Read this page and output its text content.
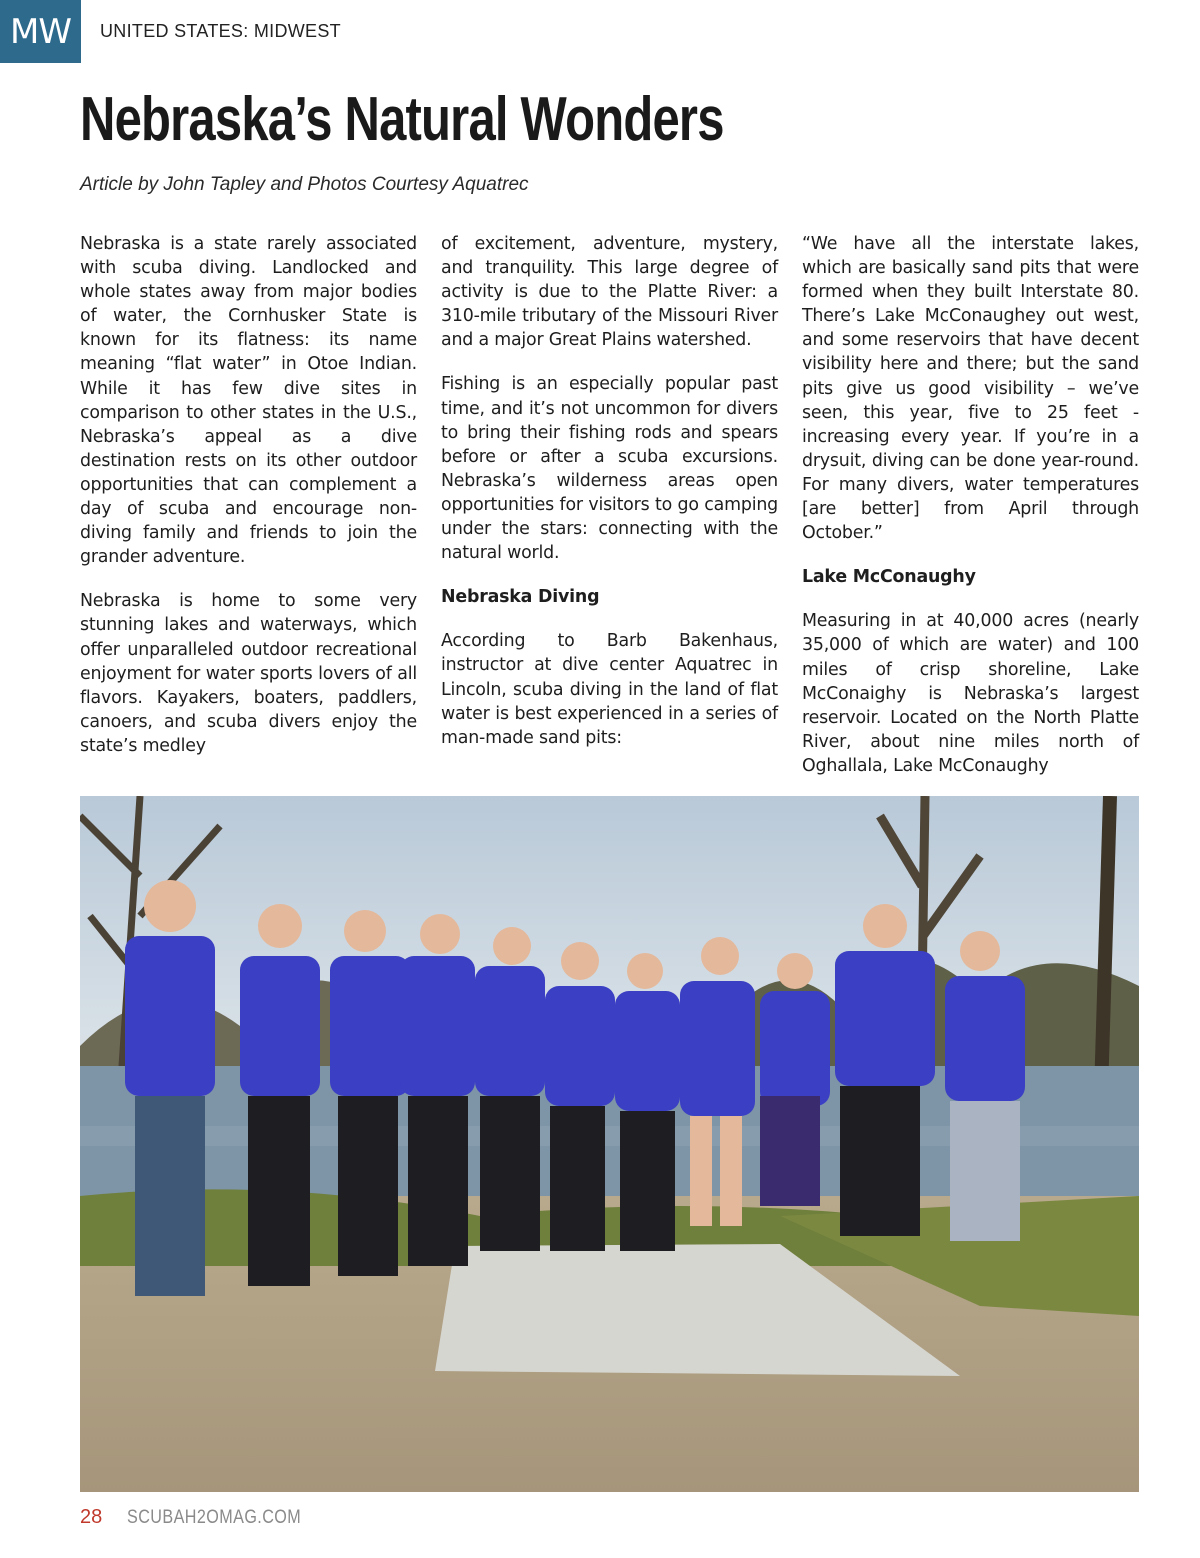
MW	UNITED STATES: MIDWEST
Nebraska’s Natural Wonders
Article by John Tapley and Photos Courtesy Aquatrec

Nebraska is a state rarely associated with scuba diving. Landlocked and whole states away from major bodies of water, the Cornhusker State is known for its flatness: its name meaning “flat water” in Otoe Indian. While it has few dive sites in comparison to other states in the U.S., Nebraska’s appeal as a dive destination rests on its other outdoor opportunities that can complement a day of scuba and encourage non-diving family and friends to join the grander adventure.

Nebraska is home to some very stunning lakes and waterways, which offer unparalleled outdoor recreational enjoyment for water sports lovers of all flavors. Kayakers, boaters, paddlers, canoers, and scuba divers enjoy the state’s medley

of excitement, adventure, mystery, and tranquility. This large degree of activity is due to the Platte River: a 310-mile tributary of the Missouri River and a major Great Plains watershed.

Fishing is an especially popular past time, and it’s not uncommon for divers to bring their fishing rods and spears before or after a scuba excursions. Nebraska’s wilderness areas open opportunities for visitors to go camping under the stars: connecting with the natural world.

Nebraska Diving

According to Barb Bakenhaus, instructor at dive center Aquatrec in Lincoln, scuba diving in the land of flat water is best experienced in a series of man-made sand pits:

“We have all the interstate lakes, which are basically sand pits that were formed when they built Interstate 80. There’s Lake McConaughey out west, and some reservoirs that have decent visibility here and there; but the sand pits give us good visibility – we’ve seen, this year, five to 25 feet - increasing every year. If you’re in a drysuit, diving can be done year-round. For many divers, water temperatures [are better] from April through October.”

Lake McConaughy

Measuring in at 40,000 acres (nearly 35,000 of which are water) and 100 miles of crisp shoreline, Lake McConaighy is Nebraska’s largest reservoir. Located on the North Platte River, about nine miles north of Oghallala, Lake McConaughy

28 SCUBAH2OMAG.COM
